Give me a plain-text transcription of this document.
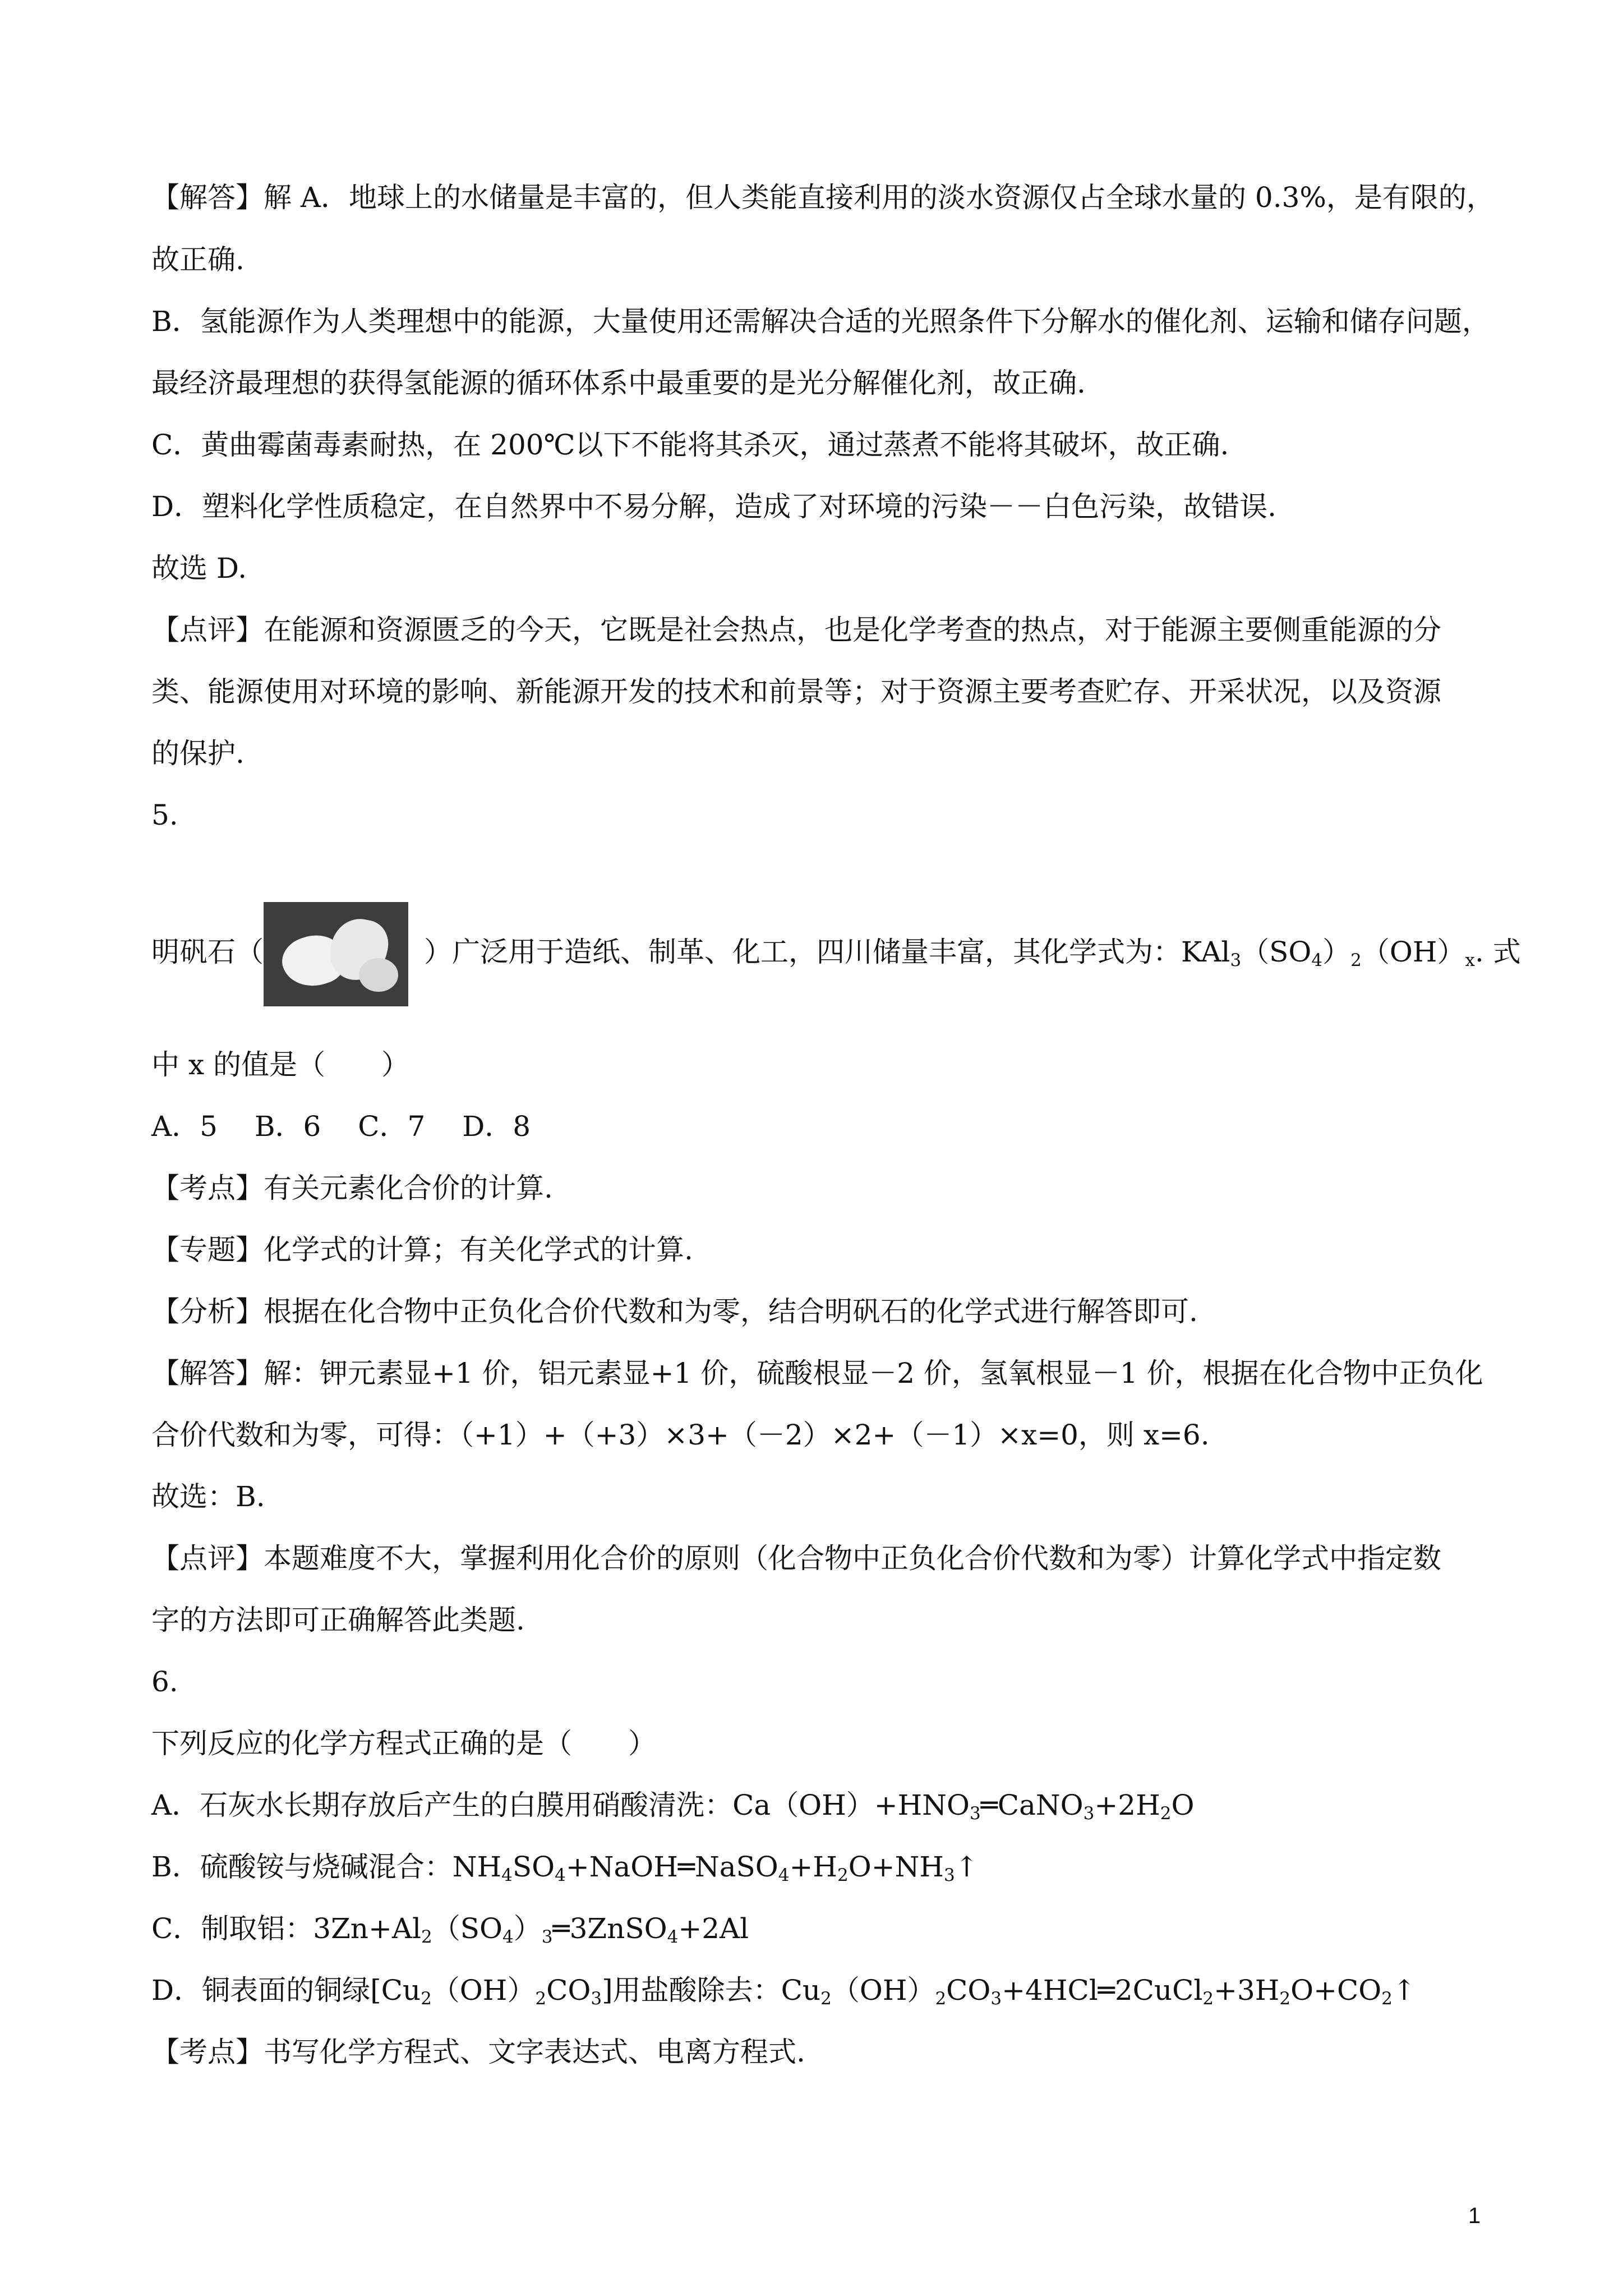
【解答】解 A．地球上的水储量是丰富的，但人类能直接利用的淡水资源仅占全球水量的 0.3%，是有限的，
故正确.
B．氢能源作为人类理想中的能源，大量使用还需解决合适的光照条件下分解水的催化剂、运输和储存问题，
最经济最理想的获得氢能源的循环体系中最重要的是光分解催化剂，故正确.
C．黄曲霉菌毒素耐热，在 200℃以下不能将其杀灭，通过蒸煮不能将其破坏，故正确.
D．塑料化学性质稳定，在自然界中不易分解，造成了对环境的污染－－白色污染，故错误.
故选 D.
【点评】在能源和资源匮乏的今天，它既是社会热点，也是化学考查的热点，对于能源主要侧重能源的分
类、能源使用对环境的影响、新能源开发的技术和前景等；对于资源主要考查贮存、开采状况，以及资源
的保护.
5.
明矾石（	）广泛用于造纸、制革、化工，四川储量丰富，其化学式为：$KAl_3(SO_4)_2(OH)_x$. 式
中 x 的值是（　　）
A．5　 B．6　 C．7　 D．8
【考点】有关元素化合价的计算.
【专题】化学式的计算；有关化学式的计算.
【分析】根据在化合物中正负化合价代数和为零，结合明矾石的化学式进行解答即可.
【解答】解：钾元素显+1 价，铝元素显+1 价，硫酸根显－2 价，氢氧根显－1 价，根据在化合物中正负化
合价代数和为零，可得：（+1）+（+3）×3+（－2）×2+（－1）×x=0，则 x=6.
故选：B.
【点评】本题难度不大，掌握利用化合价的原则（化合物中正负化合价代数和为零）计算化学式中指定数
字的方法即可正确解答此类题.
6.
下列反应的化学方程式正确的是（　　）
A．石灰水长期存放后产生的白膜用硝酸清洗：$Ca(OH)+HNO_3═CaNO_3+2H_2O$
B．硫酸铵与烧碱混合：$NH_4SO_4+NaOH═NaSO_4+H_2O+NH_3↑$
C．制取铝：$3Zn+Al_2(SO_4)_3═3ZnSO_4+2Al$
D．铜表面的铜绿$[Cu_2(OH)_2CO_3]$用盐酸除去：$Cu_2(OH)_2CO_3+4HCl═2CuCl_2+3H_2O+CO_2↑$
【考点】书写化学方程式、文字表达式、电离方程式.
1
